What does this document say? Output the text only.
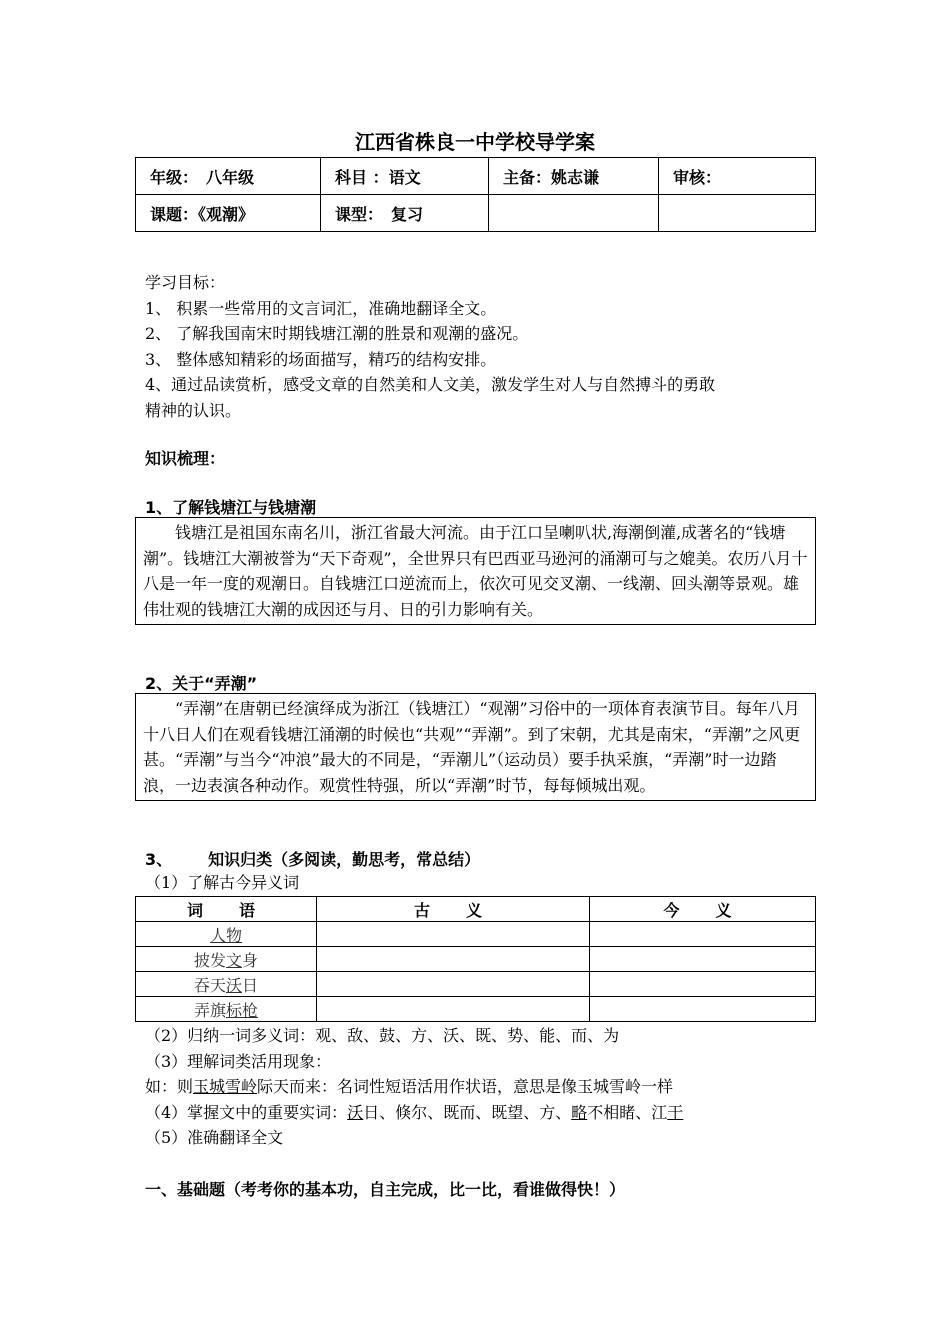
江西省株良一中学校导学案
年级：　八年级	科目 ：语文	主备：姚志谦	审核：
课题：《观潮》	课型：　复习		
学习目标：
1、 积累一些常用的文言词汇，准确地翻译全文。
2、 了解我国南宋时期钱塘江潮的胜景和观潮的盛况。
3、 整体感知精彩的场面描写，精巧的结构安排。
4、通过品读赏析，感受文章的自然美和人文美，激发学生对人与自然搏斗的勇敢
精神的认识。
知识梳理：
1、了解钱塘江与钱塘潮
钱塘江是祖国东南名川，浙江省最大河流。由于江口呈喇叭状,海潮倒灌,成著名的“钱塘潮”。钱塘江大潮被誉为“天下奇观”，全世界只有巴西亚马逊河的涌潮可与之媲美。农历八月十八是一年一度的观潮日。自钱塘江口逆流而上，依次可见交叉潮、一线潮、回头潮等景观。雄伟壮观的钱塘江大潮的成因还与月、日的引力影响有关。
2、关于“弄潮”
“弄潮”在唐朝已经演绎成为浙江（钱塘江）“观潮”习俗中的一项体育表演节目。每年八月十八日人们在观看钱塘江涌潮的时候也“共观”“弄潮”。到了宋朝，尤其是南宋，“弄潮”之风更甚。“弄潮”与当今“冲浪”最大的不同是，“弄潮儿”（运动员）要手执采旗，“弄潮”时一边踏浪，一边表演各种动作。观赏性特强，所以“弄潮”时节，每每倾城出观。
3、 知识归类（多阅读，勤思考，常总结）
（1）了解古今异义词
词　语	古　义	今　义
人物		
披发文身		
吞天沃日		
弄旗标枪		
（2）归纳一词多义词：观、敌、鼓、方、沃、既、势、能、而、为
（3）理解词类活用现象：
如：则玉城雪岭际天而来：名词性短语活用作状语，意思是像玉城雪岭一样
（4）掌握文中的重要实词：沃日、倏尔、既而、既望、方、略不相睹、江干
（5）准确翻译全文
一、基础题（考考你的基本功，自主完成，比一比，看谁做得快！）
